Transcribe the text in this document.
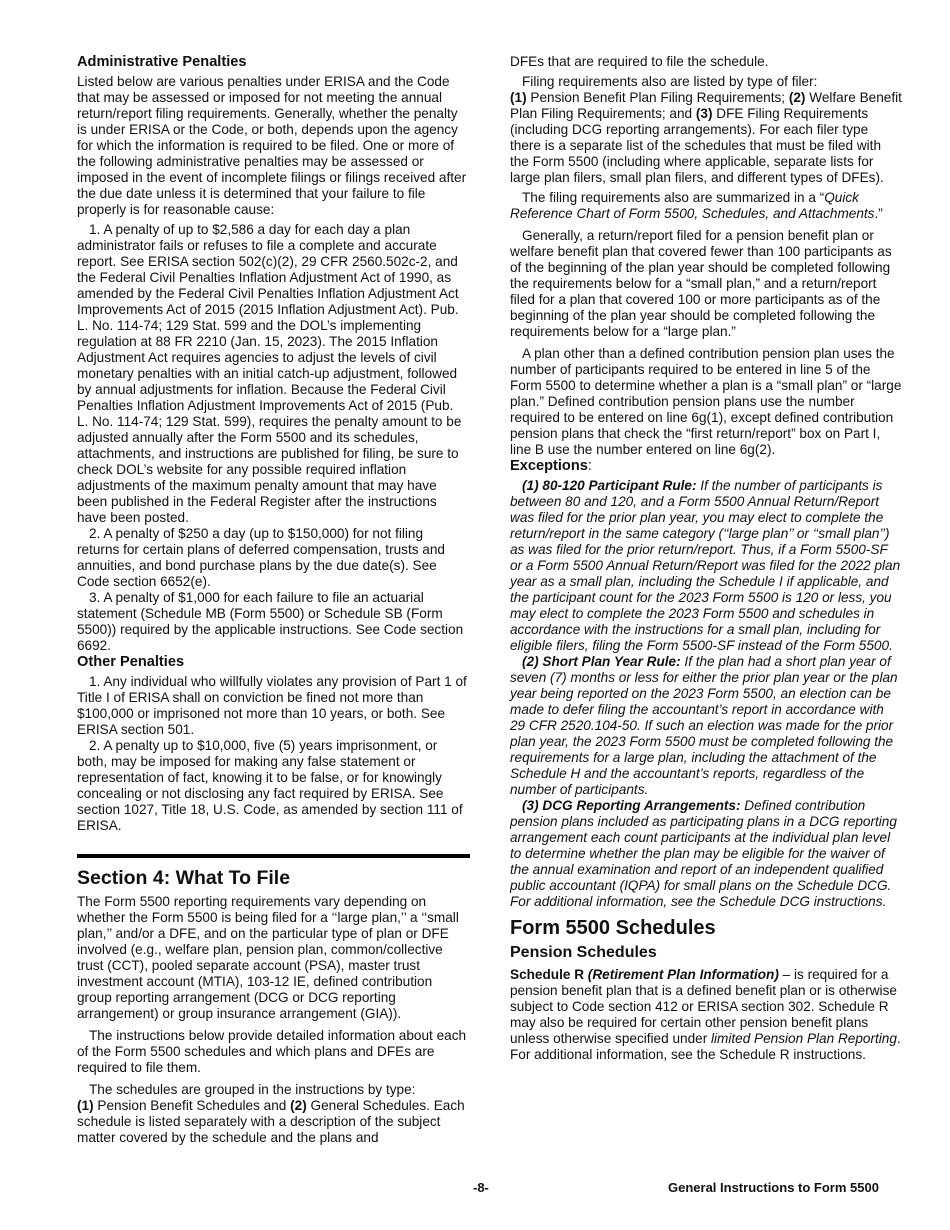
Administrative Penalties

Listed below are various penalties under ERISA and the Code that may be assessed or imposed for not meeting the annual return/report filing requirements. Generally, whether the penalty is under ERISA or the Code, or both, depends upon the agency for which the information is required to be filed. One or more of the following administrative penalties may be assessed or imposed in the event of incomplete filings or filings received after the due date unless it is determined that your failure to file properly is for reasonable cause:

1. A penalty of up to $2,586 a day for each day a plan administrator fails or refuses to file a complete and accurate report. See ERISA section 502(c)(2), 29 CFR 2560.502c-2, and the Federal Civil Penalties Inflation Adjustment Act of 1990, as amended by the Federal Civil Penalties Inflation Adjustment Act Improvements Act of 2015 (2015 Inflation Adjustment Act). Pub. L. No. 114-74; 129 Stat. 599 and the DOL’s implementing regulation at 88 FR 2210 (Jan. 15, 2023). The 2015 Inflation Adjustment Act requires agencies to adjust the levels of civil monetary penalties with an initial catch-up adjustment, followed by annual adjustments for inflation. Because the Federal Civil Penalties Inflation Adjustment Improvements Act of 2015 (Pub. L. No. 114-74; 129 Stat. 599), requires the penalty amount to be adjusted annually after the Form 5500 and its schedules, attachments, and instructions are published for filing, be sure to check DOL’s website for any possible required inflation adjustments of the maximum penalty amount that may have been published in the Federal Register after the instructions have been posted.

2. A penalty of $250 a day (up to $150,000) for not filing returns for certain plans of deferred compensation, trusts and annuities, and bond purchase plans by the due date(s). See Code section 6652(e).

3. A penalty of $1,000 for each failure to file an actuarial statement (Schedule MB (Form 5500) or Schedule SB (Form 5500)) required by the applicable instructions. See Code section 6692.

Other Penalties

1. Any individual who willfully violates any provision of Part 1 of Title I of ERISA shall on conviction be fined not more than $100,000 or imprisoned not more than 10 years, or both. See ERISA section 501.

2. A penalty up to $10,000, five (5) years imprisonment, or both, may be imposed for making any false statement or representation of fact, knowing it to be false, or for knowingly concealing or not disclosing any fact required by ERISA. See section 1027, Title 18, U.S. Code, as amended by section 111 of ERISA.

Section 4: What To File

The Form 5500 reporting requirements vary depending on whether the Form 5500 is being filed for a ‘‘large plan,’’ a ‘‘small plan,’’ and/or a DFE, and on the particular type of plan or DFE involved (e.g., welfare plan, pension plan, common/collective trust (CCT), pooled separate account (PSA), master trust investment account (MTIA), 103-12 IE, defined contribution group reporting arrangement (DCG or DCG reporting arrangement) or group insurance arrangement (GIA)).

The instructions below provide detailed information about each of the Form 5500 schedules and which plans and DFEs are required to file them.

The schedules are grouped in the instructions by type:
(1) Pension Benefit Schedules and (2) General Schedules. Each schedule is listed separately with a description of the subject matter covered by the schedule and the plans and

DFEs that are required to file the schedule.

Filing requirements also are listed by type of filer:
(1) Pension Benefit Plan Filing Requirements; (2) Welfare Benefit Plan Filing Requirements; and (3) DFE Filing Requirements (including DCG reporting arrangements). For each filer type there is a separate list of the schedules that must be filed with the Form 5500 (including where applicable, separate lists for large plan filers, small plan filers, and different types of DFEs).

The filing requirements also are summarized in a “Quick Reference Chart of Form 5500, Schedules, and Attachments.”

Generally, a return/report filed for a pension benefit plan or welfare benefit plan that covered fewer than 100 participants as of the beginning of the plan year should be completed following the requirements below for a “small plan,” and a return/report filed for a plan that covered 100 or more participants as of the beginning of the plan year should be completed following the requirements below for a “large plan.”

A plan other than a defined contribution pension plan uses the number of participants required to be entered in line 5 of the Form 5500 to determine whether a plan is a “small plan” or “large plan.” Defined contribution pension plans use the number required to be entered on line 6g(1), except defined contribution pension plans that check the “first return/report” box on Part I, line B use the number entered on line 6g(2).

Exceptions:

(1) 80-120 Participant Rule: If the number of participants is between 80 and 120, and a Form 5500 Annual Return/Report was filed for the prior plan year, you may elect to complete the return/report in the same category (‘‘large plan’’ or ‘‘small plan’’) as was filed for the prior return/report. Thus, if a Form 5500-SF or a Form 5500 Annual Return/Report was filed for the 2022 plan year as a small plan, including the Schedule I if applicable, and the participant count for the 2023 Form 5500 is 120 or less, you may elect to complete the 2023 Form 5500 and schedules in accordance with the instructions for a small plan, including for eligible filers, filing the Form 5500-SF instead of the Form 5500.

(2) Short Plan Year Rule: If the plan had a short plan year of seven (7) months or less for either the prior plan year or the plan year being reported on the 2023 Form 5500, an election can be made to defer filing the accountant’s report in accordance with 29 CFR 2520.104-50. If such an election was made for the prior plan year, the 2023 Form 5500 must be completed following the requirements for a large plan, including the attachment of the Schedule H and the accountant’s reports, regardless of the number of participants.

(3) DCG Reporting Arrangements: Defined contribution pension plans included as participating plans in a DCG reporting arrangement each count participants at the individual plan level to determine whether the plan may be eligible for the waiver of the annual examination and report of an independent qualified public accountant (IQPA) for small plans on the Schedule DCG. For additional information, see the Schedule DCG instructions.

Form 5500 Schedules
Pension Schedules

Schedule R (Retirement Plan Information) – is required for a pension benefit plan that is a defined benefit plan or is otherwise subject to Code section 412 or ERISA section 302. Schedule R may also be required for certain other pension benefit plans unless otherwise specified under limited Pension Plan Reporting. For additional information, see the Schedule R instructions.

-8-	General Instructions to Form 5500
